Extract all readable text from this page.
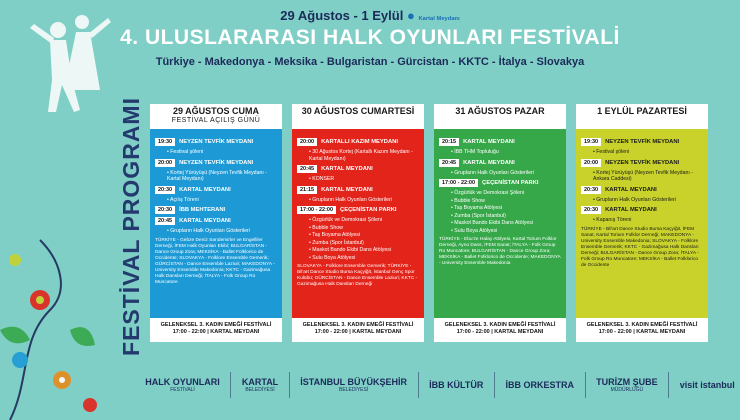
29 Ağustos - 1 Eylül ● Kartal Meydanı
4. ULUSLARARASI HALK OYUNLARI FESTİVALİ
Türkiye - Makedonya - Meksika - Bulgaristan - Gürcistan - KKTC - İtalya - Slovakya
FESTİVAL PROGRAMI	29 AĞUSTOS CUMA
FESTİVAL AÇILIŞ GÜNÜ
19:30	NEYZEN TEVFİK MEYDANI
• Festival şöleni
20:00	NEYZEN TEVFİK MEYDANI
• Kortej Yürüyüşü (Neyzen Tevfik Meydanı - Kartal Meydanı)
20:30	KARTAL MEYDANI
• Açılış Töreni
20:30	İBB MEHTERANI
20:45	KARTAL MEYDANI
• Grupların Halk Oyunları Gösterileri
TÜRKİYE - Gebze Deniz Sarıdemirler ve Engelliler Derneği, İFEM Halk Oyunları Ekibi; BULGARİSTAN - Dance Group Zora; MEKSİKA - Ballet Folklorico de Occidente; SLOVAKYA - Folklore Ensemble Gemerik; GÜRCİSTAN - Dance Ensemble Laziuri; MAKEDONYA - University Ensemble Makedonia; KKTC - Gazimağusa Halk Dansları Derneği; İTALYA - Folk Group Ro Muncatore
GELENEKSEL 3. KADIN EMEĞİ FESTİVALİ
17:00 - 22:00 | KARTAL MEYDANI
30 AĞUSTOS CUMARTESİ
20:00	KARTALLI KAZIM MEYDANI
• 30 Ağustos Kortej (Kartallı Kazım Meydanı - Kartal Meydanı)
20:45	KARTAL MEYDANI
• KONSER
21:15	KARTAL MEYDANI
• Grupların Halk Oyunları Gösterileri
17:00 - 22:00	ÇEÇENİSTAN PARKI
• Özgürlük ve Demokrasi Şöleni
• Bubble Show
• Taş Boyama Atölyesi
• Zumba (Spor İstanbul)
• Maskot Bando Ekibi Dans Atölyesi
• Sulu Boya Atölyesi
SLOVAKYA - Folklore Ensemble Gemerik; TÜRKİYE - Bil'art Dance Studio Bursa Kaçyiğit, İstanbul Genç Spor Kulübü; GÜRCİSTAN - Dance Ensemble Laziuri; KKTC - Gazimağusa Halk Dansları Derneği
GELENEKSEL 3. KADIN EMEĞİ FESTİVALİ
17:00 - 22:00 | KARTAL MEYDANI
31 AĞUSTOS PAZAR
20:15	KARTAL MEYDANI
• İBB THM Topluluğu
20:45	KARTAL MEYDANI
• Grupların Halk Oyunları Gösterileri
17:00 - 22:00	ÇEÇENİSTAN PARKI
• Özgürlük ve Demokrasi Şöleni
• Bubble Show
• Taş Boyama Atölyesi
• Zumba (Spor İstanbul)
• Maskot Bando Ekibi Dans Atölyesi
• Sulu Boya Atölyesi
TÜRKİYE - Ebu'ze Halay Atölyesi, Kartal Torium Folklor Derneği, Ayno Dans, İFEM Sanat; İTALYA - Folk Group Ro Muncatore; BULGARİSTAN - Dance Group Zora; MEKSİKA - Ballet Folklorico de Occidente; MAKEDONYA - University Ensemble Makedonia
GELENEKSEL 3. KADIN EMEĞİ FESTİVALİ
17:00 - 22:00 | KARTAL MEYDANI
1 EYLÜL PAZARTESİ
19:30	NEYZEN TEVFİK MEYDANI
• Festival şöleni
20:00	NEYZEN TEVFİK MEYDANI
• Kortej Yürüyüşü (Neyzen Tevfik Meydanı - Ankara Caddesi)
20:30	KARTAL MEYDANI
• Grupların Halk Oyunları Gösterileri
20:30	KARTAL MEYDANI
• Kapanış Töreni
TÜRKİYE - Bil'art Dance Studio Bursa Kaçyiğit, İFEM Sanat, Kartal Torium Folklor Derneği; MAKEDONYA - University Ensemble Makedonia; SLOVAKYA - Folklore Ensemble Gemerik; KKTC - Gazimağusa Halk Dansları Derneği; BULGARİSTAN - Dance Group Zora; İTALYA - Folk Group Ro Muncatore; MEKSİKA - Ballet Folklorico de Occidente
GELENEKSEL 3. KADIN EMEĞİ FESTİVALİ
17:00 - 22:00 | KARTAL MEYDANI
HALK OYUNLARI
FESTİVALİ
KARTAL
BELEDİYESİ
İSTANBUL BÜYÜKŞEHİR
BELEDİYESİ	İBB KÜLTÜR İBB ORKESTRA TURİZM ŞUBE
MÜDÜRLÜĞÜ	visit istanbul
